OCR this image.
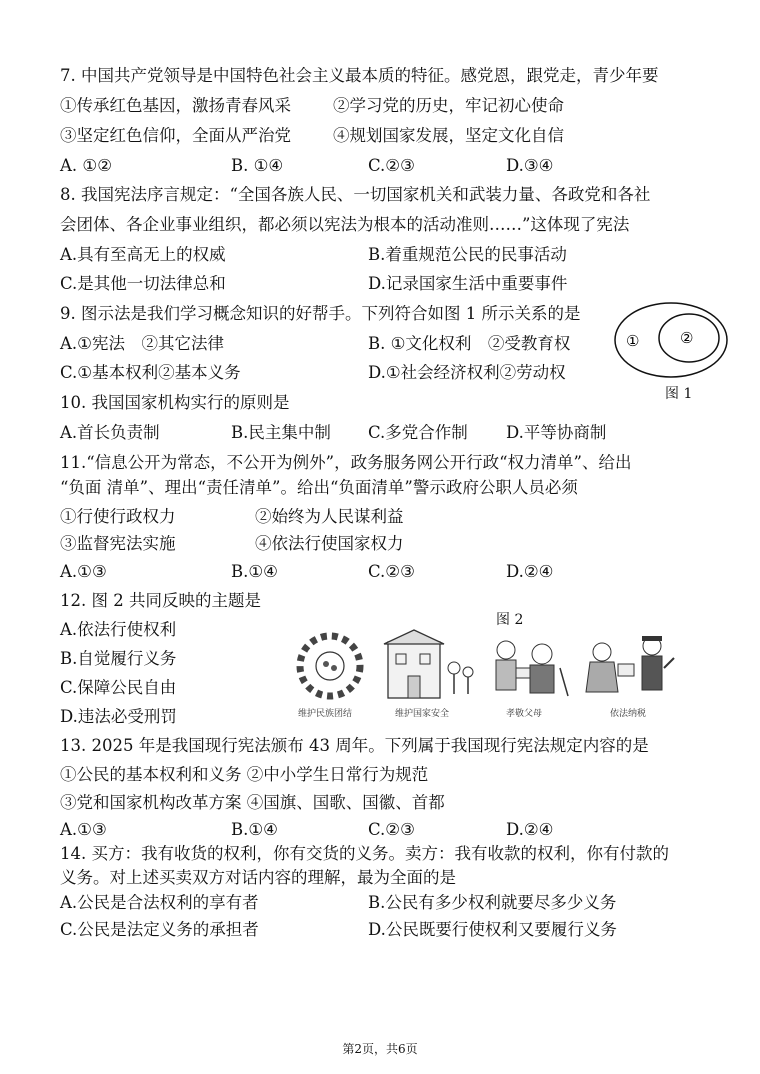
7. 中国共产党领导是中国特色社会主义最本质的特征。感党恩，跟党走，青少年要
①传承红色基因，激扬青春风采	②学习党的历史，牢记初心使命
③坚定红色信仰，全面从严治党	④规划国家发展，坚定文化自信
A. ①②	B. ①④	C.②③	D.③④
8. 我国宪法序言规定：“全国各族人民、一切国家机关和武装力量、各政党和各社
会团体、各企业事业组织，都必须以宪法为根本的活动准则……”这体现了宪法
A.具有至高无上的权威	B.着重规范公民的民事活动
C.是其他一切法律总和	D.记录国家生活中重要事件
9. 图示法是我们学习概念知识的好帮手。下列符合如图 1 所示关系的是
A.①宪法　②其它法律	B. ①文化权利　②受教育权
C.①基本权利②基本义务	D.①社会经济权利②劳动权
①	②
图 1
10. 我国国家机构实行的原则是
A.首长负责制	B.民主集中制 C.多党合作制 D.平等协商制
11.“信息公开为常态，不公开为例外”，政务服务网公开行政“权力清单”、给出
“负面 清单”、理出“责任清单”。给出“负面清单”警示政府公职人员必须
①行使行政权力	②始终为人民谋利益
③监督宪法实施	④依法行使国家权力
A.①③	B.①④	C.②③	D.②④
12. 图 2 共同反映的主题是
A.依法行使权利
B.自觉履行义务
C.保障公民自由
D.违法必受刑罚
图 2
维护民族团结	维护国家安全	孝敬父母	依法纳税
13. 2025 年是我国现行宪法颁布 43 周年。下列属于我国现行宪法规定内容的是
①公民的基本权利和义务 ②中小学生日常行为规范
③党和国家机构改革方案 ④国旗、国歌、国徽、首都
A.①③	B.①④	C.②③	D.②④
14. 买方：我有收货的权利，你有交货的义务。卖方：我有收款的权利，你有付款的
义务。对上述买卖双方对话内容的理解，最为全面的是
A.公民是合法权利的享有者	B.公民有多少权利就要尽多少义务
C.公民是法定义务的承担者	D.公民既要行使权利又要履行义务
第2页，共6页
